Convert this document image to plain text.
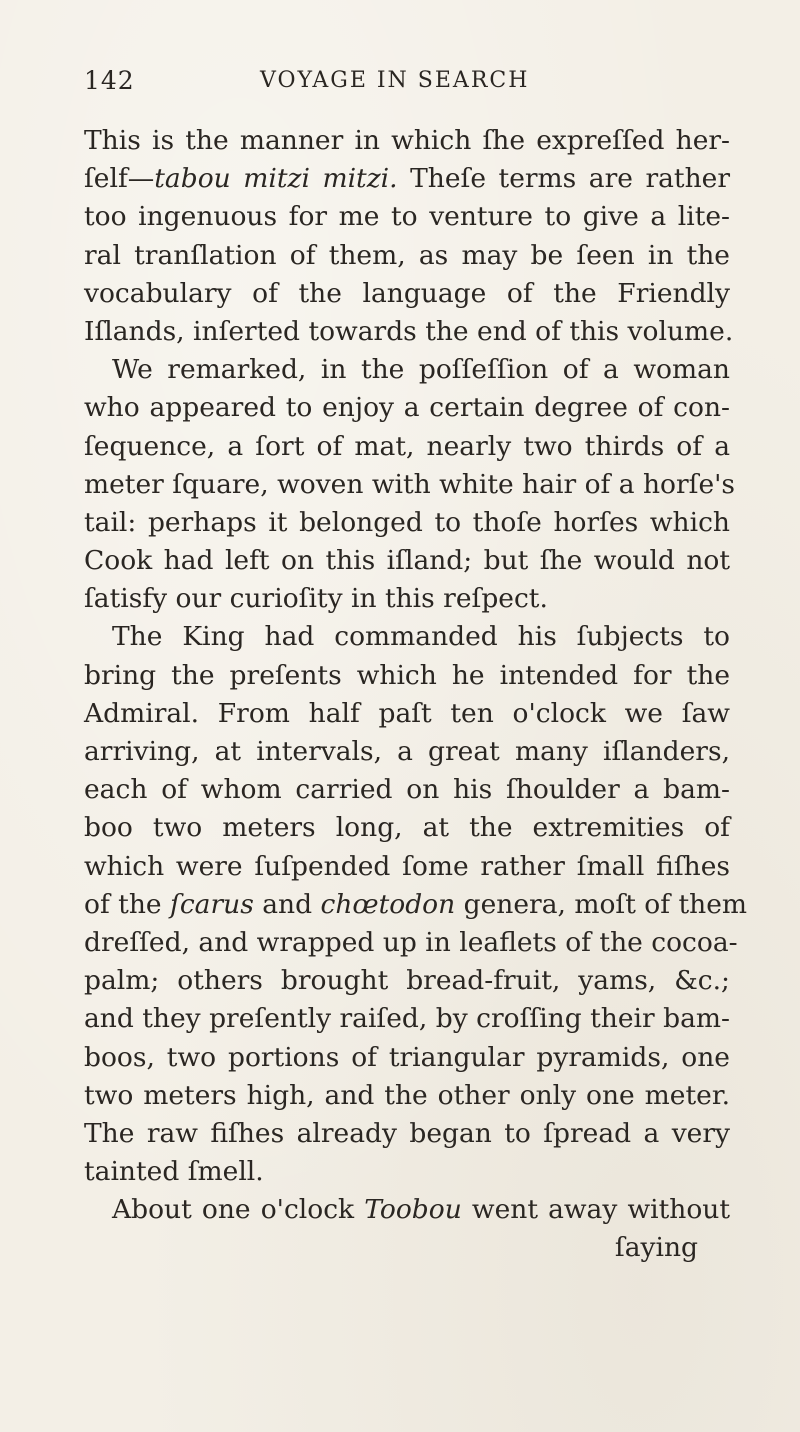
142	VOYAGE IN SEARCH
This is the manner in which ſhe expreſſed her-
ſelf—tabou mitzi mitzi. Theſe terms are rather
too ingenuous for me to venture to give a lite-
ral tranſlation of them, as may be ſeen in the
vocabulary of the language of the Friendly
Iſlands, inſerted towards the end of this volume.
We remarked, in the poſſeſſion of a woman
who appeared to enjoy a certain degree of con-
ſequence, a ſort of mat, nearly two thirds of a
meter ſquare, woven with white hair of a horſe's
tail: perhaps it belonged to thoſe horſes which
Cook had left on this iſland; but ſhe would not
ſatisfy our curioſity in this reſpect.
The King had commanded his ſubjects to
bring the preſents which he intended for the
Admiral. From half paſt ten o'clock we ſaw
arriving, at intervals, a great many iſlanders,
each of whom carried on his ſhoulder a bam-
boo two meters long, at the extremities of
which were ſuſpended ſome rather ſmall fiſhes
of the ſcarus and chœtodon genera, moſt of them
dreſſed, and wrapped up in leaflets of the cocoa-
palm; others brought bread-fruit, yams, &c.;
and they preſently raiſed, by croſſing their bam-
boos, two portions of triangular pyramids, one
two meters high, and the other only one meter.
The raw fiſhes already began to ſpread a very
tainted ſmell.
About one o'clock Toobou went away without
ſaying
